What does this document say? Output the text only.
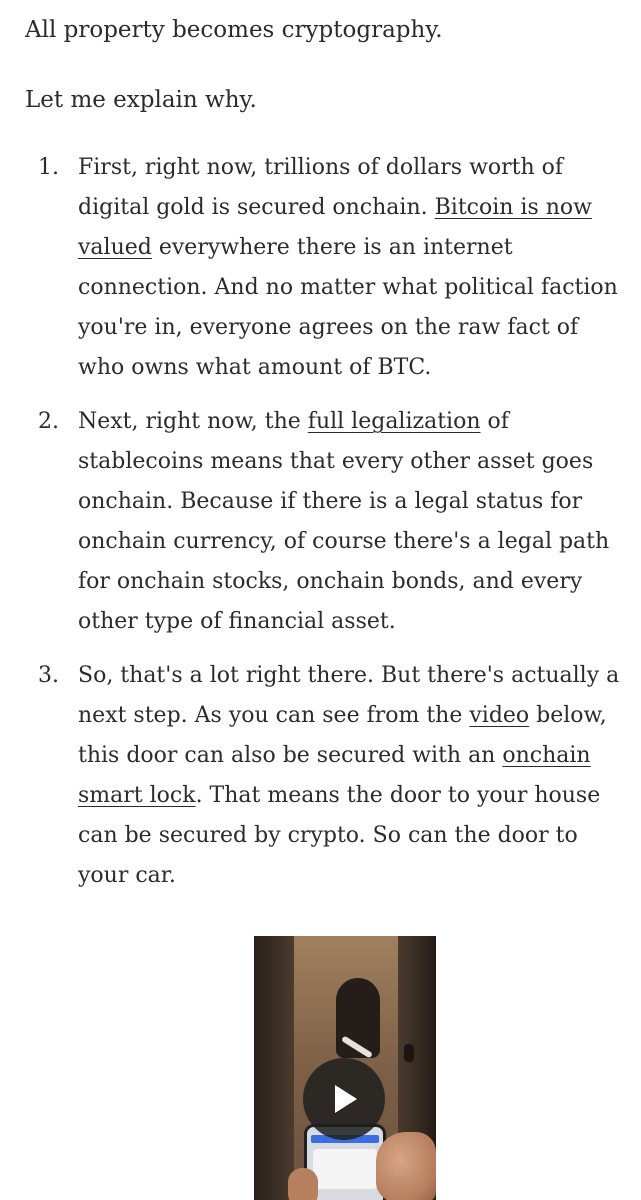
All property becomes cryptography.

Let me explain why.

1. First, right now, trillions of dollars worth of digital gold is secured onchain. Bitcoin is now valued everywhere there is an internet connection. And no matter what political faction you're in, everyone agrees on the raw fact of who owns what amount of BTC.
2. Next, right now, the full legalization of stablecoins means that every other asset goes onchain. Because if there is a legal status for onchain currency, of course there's a legal path for onchain stocks, onchain bonds, and every other type of financial asset.
3. So, that's a lot right there. But there's actually a next step. As you can see from the video below, this door can also be secured with an onchain smart lock. That means the door to your house can be secured by crypto. So can the door to your car.
